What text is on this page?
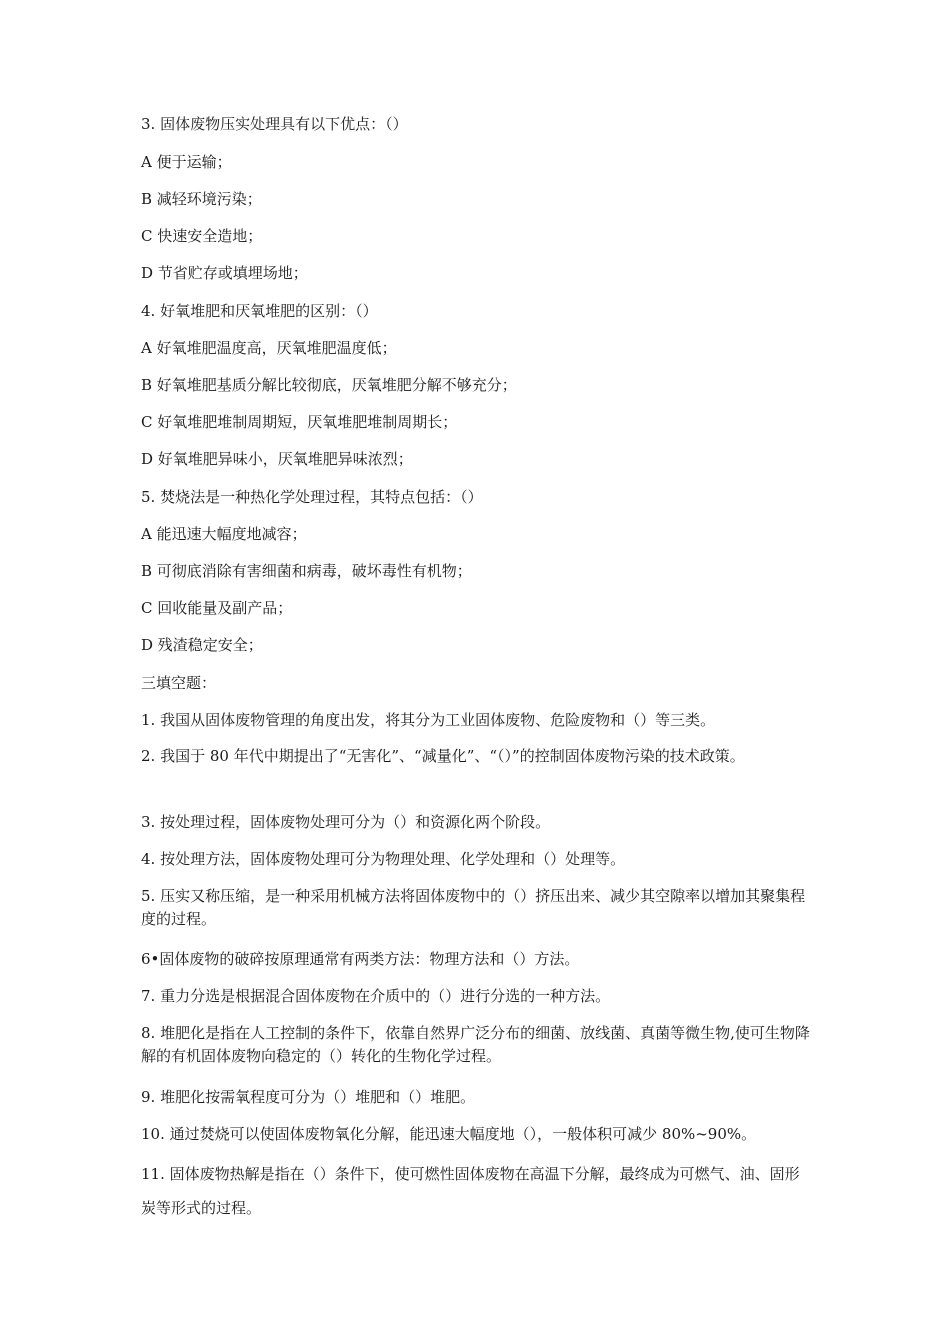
3. 固体废物压实处理具有以下优点：（）
A 便于运输；
B 减轻环境污染；
C 快速安全造地；
D 节省贮存或填埋场地；
4. 好氧堆肥和厌氧堆肥的区别：（）
A 好氧堆肥温度高，厌氧堆肥温度低；
B 好氧堆肥基质分解比较彻底，厌氧堆肥分解不够充分；
C 好氧堆肥堆制周期短，厌氧堆肥堆制周期长；
D 好氧堆肥异味小，厌氧堆肥异味浓烈；
5. 焚烧法是一种热化学处理过程，其特点包括：（）
A 能迅速大幅度地减容；
B 可彻底消除有害细菌和病毒，破坏毒性有机物；
C 回收能量及副产品；
D 残渣稳定安全；
三填空题：
1. 我国从固体废物管理的角度出发，将其分为工业固体废物、危险废物和（）等三类。
2. 我国于 80 年代中期提出了“无害化”、“减量化”、“（）”的控制固体废物污染的技术政策。
3. 按处理过程，固体废物处理可分为（）和资源化两个阶段。
4. 按处理方法，固体废物处理可分为物理处理、化学处理和（）处理等。
5. 压实又称压缩，是一种采用机械方法将固体废物中的（）挤压出来、减少其空隙率以增加其聚集程度的过程。
6•固体废物的破碎按原理通常有两类方法：物理方法和（）方法。
7. 重力分选是根据混合固体废物在介质中的（）进行分选的一种方法。
8. 堆肥化是指在人工控制的条件下，依靠自然界广泛分布的细菌、放线菌、真菌等微生物,使可生物降解的有机固体废物向稳定的（）转化的生物化学过程。
9. 堆肥化按需氧程度可分为（）堆肥和（）堆肥。
10. 通过焚烧可以使固体废物氧化分解，能迅速大幅度地（），一般体积可减少 80%~90%。
11. 固体废物热解是指在（）条件下，使可燃性固体废物在高温下分解，最终成为可燃气、油、固形炭等形式的过程。
